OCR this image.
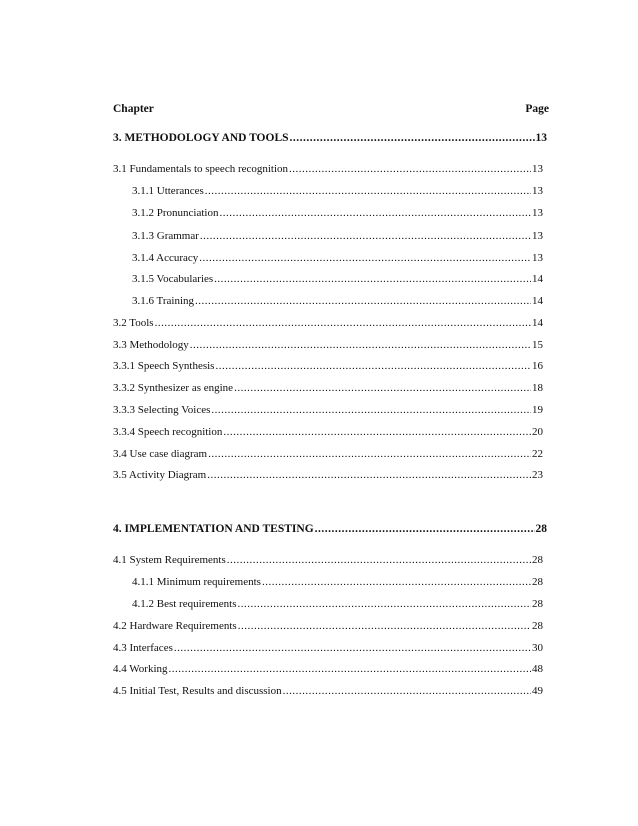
Chapter	Page
3. METHODOLOGY AND TOOLS .....	13
3.1 Fundamentals to speech recognition .....	13
3.1.1 Utterances .....	13
3.1.2 Pronunciation .....	13
3.1.3 Grammar .....	13
3.1.4 Accuracy .....	13
3.1.5 Vocabularies .....	14
3.1.6 Training .....	14
3.2 Tools .....	14
3.3 Methodology .....	15
3.3.1 Speech Synthesis .....	16
3.3.2 Synthesizer as engine .....	18
3.3.3 Selecting Voices .....	19
3.3.4 Speech recognition .....	20
3.4 Use case diagram .....	22
3.5 Activity Diagram .....	23
4. IMPLEMENTATION AND TESTING .....	28
4.1 System Requirements .....	28
4.1.1 Minimum requirements .....	28
4.1.2 Best requirements .....	28
4.2 Hardware Requirements .....	28
4.3 Interfaces .....	30
4.4 Working .....	48
4.5 Initial Test, Results and discussion .....	49
